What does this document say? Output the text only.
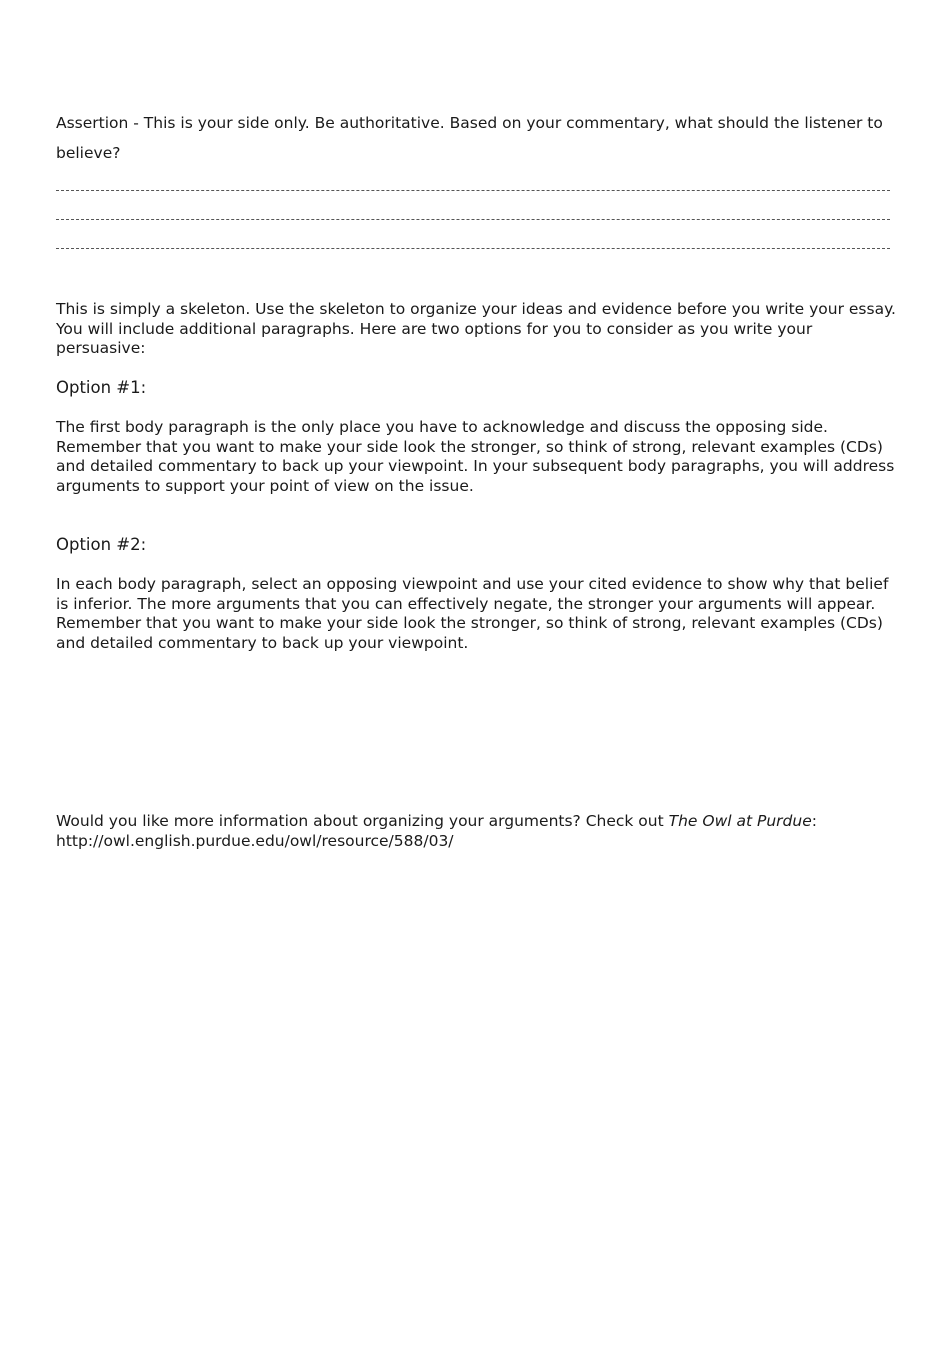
Assertion - This is your side only. Be authoritative. Based on your commentary, what should the listener to believe?

This is simply a skeleton. Use the skeleton to organize your ideas and evidence before you write your essay. You will include additional paragraphs. Here are two options for you to consider as you write your persuasive:

Option #1:

The first body paragraph is the only place you have to acknowledge and discuss the opposing side. Remember that you want to make your side look the stronger, so think of strong, relevant examples (CDs) and detailed commentary to back up your viewpoint. In your subsequent body paragraphs, you will address arguments to support your point of view on the issue.

Option #2:

In each body paragraph, select an opposing viewpoint and use your cited evidence to show why that belief is inferior. The more arguments that you can effectively negate, the stronger your arguments will appear. Remember that you want to make your side look the stronger, so think of strong, relevant examples (CDs) and detailed commentary to back up your viewpoint.

Would you like more information about organizing your arguments? Check out The Owl at Purdue:
http://owl.english.purdue.edu/owl/resource/588/03/
